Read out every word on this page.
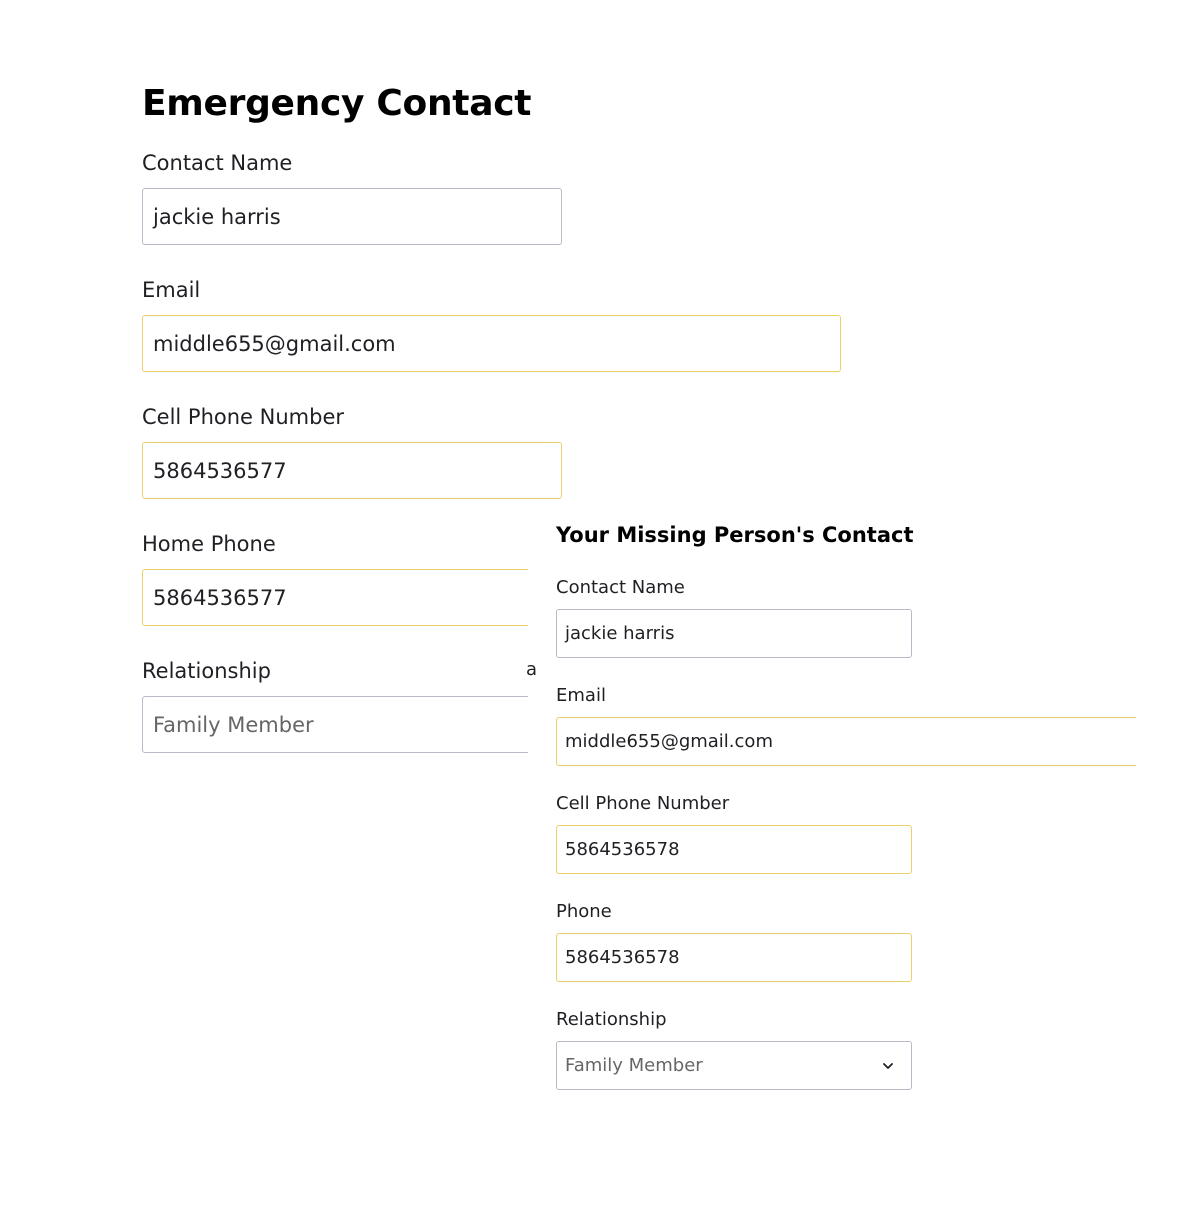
Emergency Contact
Contact Name
jackie harris
Email
middle655@gmail.com
Cell Phone Number
5864536577
Home Phone
5864536577
Relationship
Family Member
a
Your Missing Person's Contact
Contact Name
jackie harris
Email
middle655@gmail.com
Cell Phone Number
5864536578
Phone
5864536578
Relationship
Family Member
